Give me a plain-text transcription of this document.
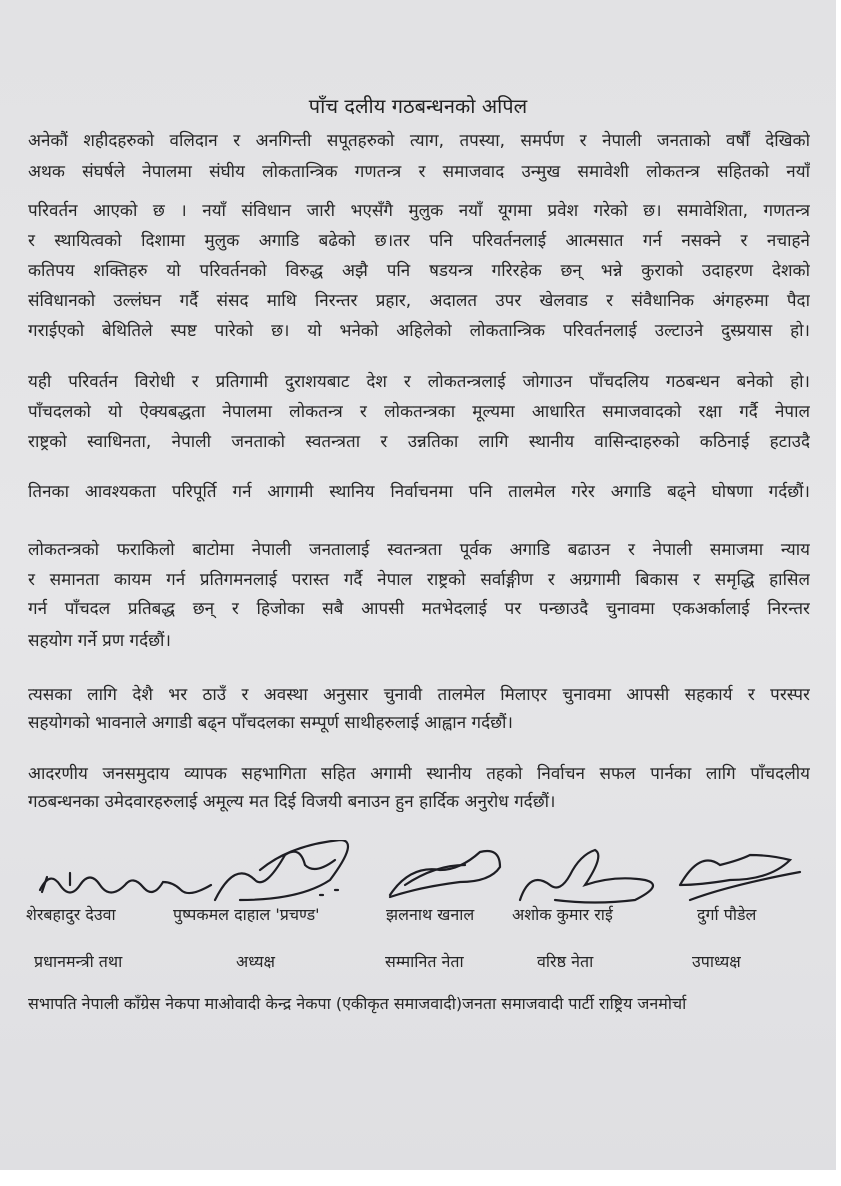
पाँच दलीय गठबन्धनको अपिल
अनेकौं शहीदहरुको वलिदान र अनगिन्ती सपूतहरुको त्याग, तपस्या, समर्पण र नेपाली जनताको वर्षौं देखिको
अथक संघर्षले नेपालमा संघीय लोकतान्त्रिक गणतन्त्र र समाजवाद उन्मुख समावेशी लोकतन्त्र सहितको नयाँ
परिवर्तन आएको छ । नयाँ संविधान जारी भएसँगै मुलुक नयाँ यूगमा प्रवेश गरेको छ। समावेशिता, गणतन्त्र
र स्थायित्वको दिशामा मुलुक अगाडि बढेको छ।तर पनि परिवर्तनलाई आत्मसात गर्न नसक्ने र नचाहने
कतिपय शक्तिहरु यो परिवर्तनको विरुद्ध अझै पनि षडयन्त्र गरिरहेक छन् भन्ने कुराको उदाहरण देशको
संविधानको उल्लंघन गर्दै संसद माथि निरन्तर प्रहार, अदालत उपर खेलवाड र संवैधानिक अंगहरुमा पैदा
गराईएको बेथितिले स्पष्ट पारेको छ। यो भनेको अहिलेको लोकतान्त्रिक परिवर्तनलाई उल्टाउने दुस्प्रयास हो।
यही परिवर्तन विरोधी र प्रतिगामी दुराशयबाट देश र लोकतन्त्रलाई जोगाउन पाँचदलिय गठबन्धन बनेको हो।
पाँचदलको यो ऐक्यबद्धता नेपालमा लोकतन्त्र र लोकतन्त्रका मूल्यमा आधारित समाजवादको रक्षा गर्दै नेपाल
राष्ट्रको स्वाधिनता, नेपाली जनताको स्वतन्त्रता र उन्नतिका लागि स्थानीय वासिन्दाहरुको कठिनाई हटाउदै
तिनका आवश्यकता परिपूर्ति गर्न आगामी स्थानिय निर्वाचनमा पनि तालमेल गरेर अगाडि बढ्ने घोषणा गर्दछौं।
लोकतन्त्रको फराकिलो बाटोमा नेपाली जनतालाई स्वतन्त्रता पूर्वक अगाडि बढाउन र नेपाली समाजमा न्याय
र समानता कायम गर्न प्रतिगमनलाई परास्त गर्दै नेपाल राष्ट्रको सर्वाङ्गीण र अग्रगामी बिकास र समृद्धि हासिल
गर्न पाँचदल प्रतिबद्ध छन् र हिजोका सबै आपसी मतभेदलाई पर पन्छाउदै चुनावमा एकअर्कालाई निरन्तर
सहयोग गर्ने प्रण गर्दछौं।
त्यसका लागि देशै भर ठाउँ र अवस्था अनुसार चुनावी तालमेल मिलाएर चुनावमा आपसी सहकार्य र परस्पर
सहयोगको भावनाले अगाडी बढ्न पाँचदलका सम्पूर्ण साथीहरुलाई आह्वान गर्दछौं।
आदरणीय जनसमुदाय व्यापक सहभागिता सहित अगामी स्थानीय तहको निर्वाचन सफल पार्नका लागि पाँचदलीय
गठबन्धनका उमेदवारहरुलाई अमूल्य मत दिई विजयी बनाउन हुन हार्दिक अनुरोध गर्दछौं।
शेरबहादुर देउवा
प्रधानमन्त्री तथा
पुष्पकमल दाहाल 'प्रचण्ड'
अध्यक्ष
झलनाथ खनाल
सम्मानित नेता
अशोक कुमार राई
वरिष्ठ नेता
दुर्गा पौडेल
उपाध्यक्ष
सभापति नेपाली काँग्रेस नेकपा माओवादी केन्द्र नेकपा (एकीकृत समाजवादी)जनता समाजवादी पार्टी राष्ट्रिय जनमोर्चा
